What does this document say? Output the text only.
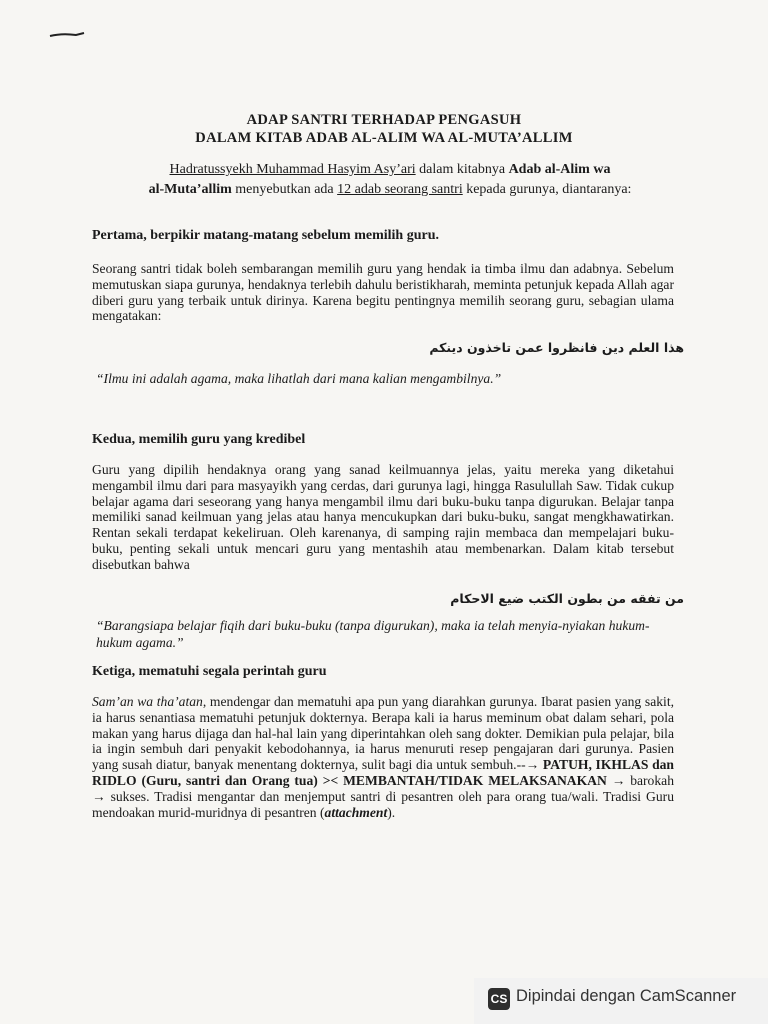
ADAP SANTRI TERHADAP PENGASUH
DALAM KITAB ADAB AL-ALIM WA AL-MUTA’ALLIM
Hadratussyekh Muhammad Hasyim Asy’ari dalam kitabnya Adab al-Alim wa
al-Muta’allim menyebutkan ada 12 adab seorang santri kepada gurunya, diantaranya:
Pertama, berpikir matang-matang sebelum memilih guru.
Seorang santri tidak boleh sembarangan memilih guru yang hendak ia timba ilmu dan adabnya. Sebelum memutuskan siapa gurunya, hendaknya terlebih dahulu beristikharah, meminta petunjuk kepada Allah agar diberi guru yang terbaik untuk dirinya. Karena begitu pentingnya memilih seorang guru, sebagian ulama mengatakan:
هذا العلم دين فانظروا عمن تاخذون دينكم
“Ilmu ini adalah agama, maka lihatlah dari mana kalian mengambilnya.”
Kedua, memilih guru yang kredibel
Guru yang dipilih hendaknya orang yang sanad keilmuannya jelas, yaitu mereka yang diketahui mengambil ilmu dari para masyayikh yang cerdas, dari gurunya lagi, hingga Rasulullah Saw. Tidak cukup belajar agama dari seseorang yang hanya mengambil ilmu dari buku-buku tanpa digurukan. Belajar tanpa memiliki sanad keilmuan yang jelas atau hanya mencukupkan dari buku-buku, sangat mengkhawatirkan. Rentan sekali terdapat kekeliruan. Oleh karenanya, di samping rajin membaca dan mempelajari buku-buku, penting sekali untuk mencari guru yang mentashih atau membenarkan. Dalam kitab tersebut disebutkan bahwa
من تفقه من بطون الكتب ضيع الاحكام
“Barangsiapa belajar fiqih dari buku-buku (tanpa digurukan), maka ia telah menyia-nyiakan hukum-hukum agama.”
Ketiga, mematuhi segala perintah guru
Sam’an wa tha’atan, mendengar dan mematuhi apa pun yang diarahkan gurunya. Ibarat pasien yang sakit, ia harus senantiasa mematuhi petunjuk dokternya. Berapa kali ia harus meminum obat dalam sehari, pola makan yang harus dijaga dan hal-hal lain yang diperintahkan oleh sang dokter. Demikian pula pelajar, bila ia ingin sembuh dari penyakit kebodohannya, ia harus menuruti resep pengajaran dari gurunya. Pasien yang susah diatur, banyak menentang dokternya, sulit bagi dia untuk sembuh.--→ PATUH, IKHLAS dan RIDLO (Guru, santri dan Orang tua) >< MEMBANTAH/TIDAK MELAKSANAKAN → barokah → sukses. Tradisi mengantar dan menjemput santri di pesantren oleh para orang tua/wali. Tradisi Guru mendoakan murid-muridnya di pesantren (attachment).
CS Dipindai dengan CamScanner
